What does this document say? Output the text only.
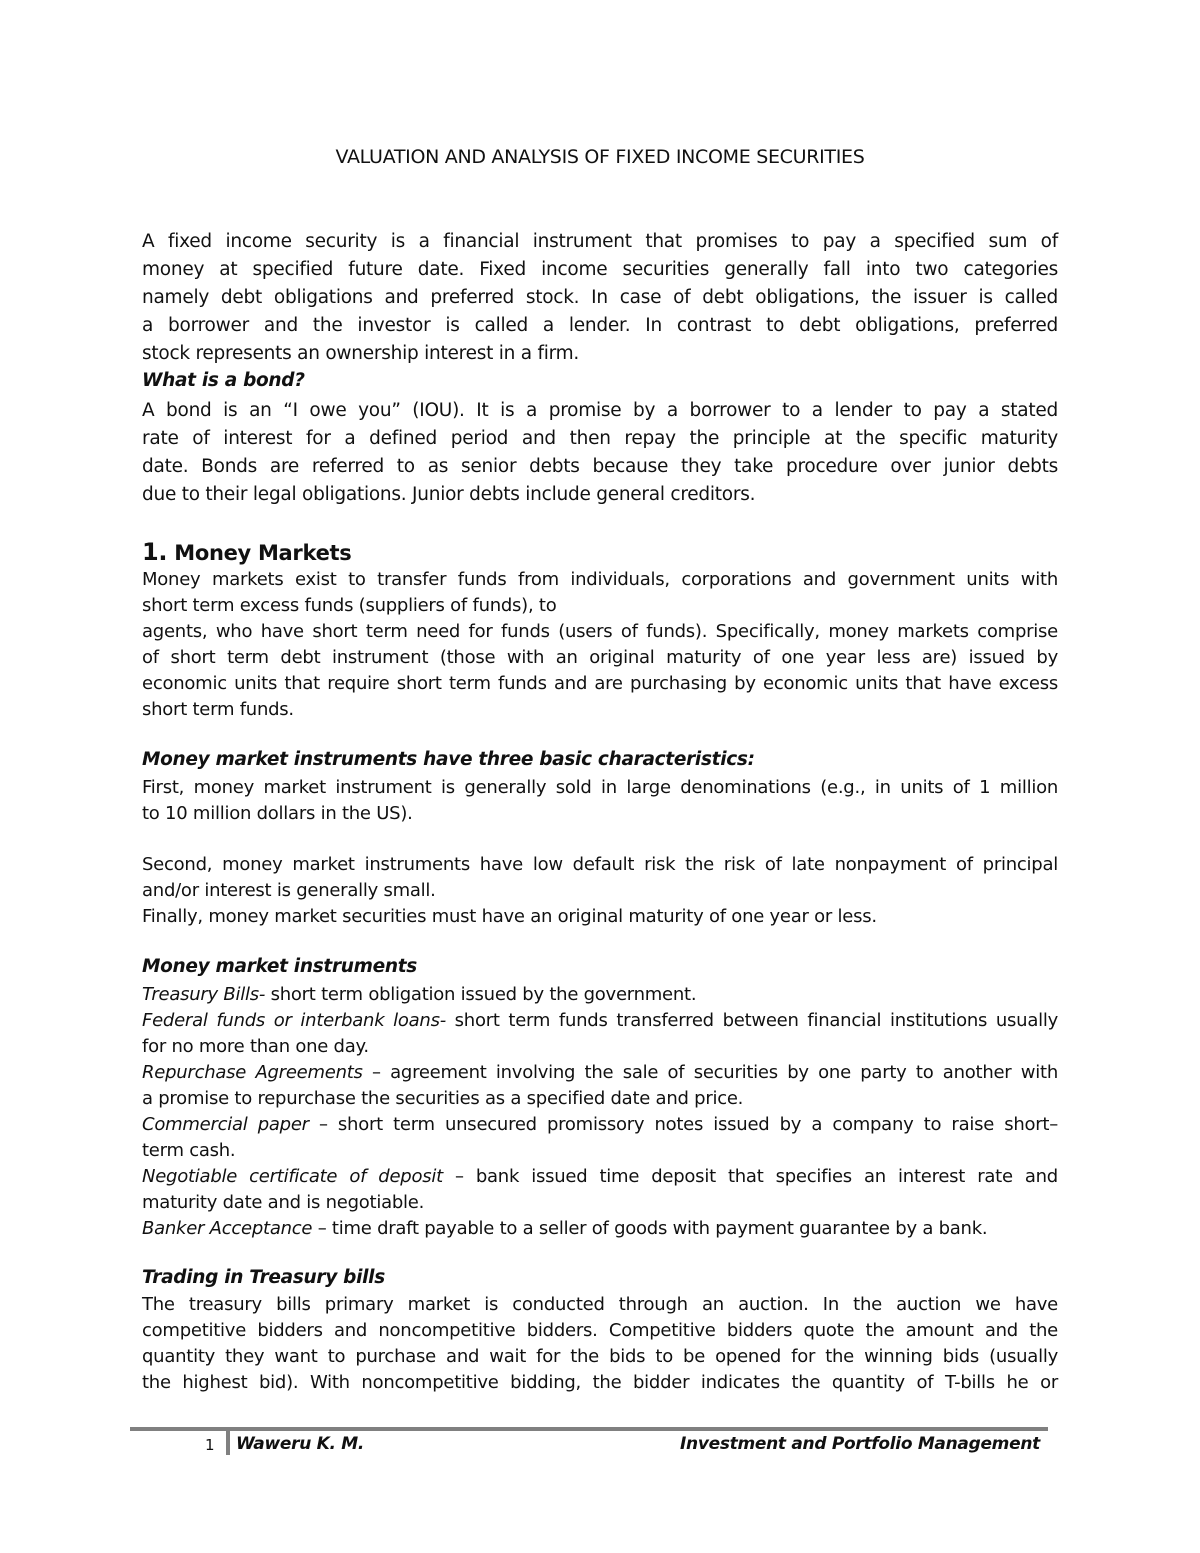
VALUATION AND ANALYSIS OF FIXED INCOME SECURITIES
A fixed income security is a financial instrument that promises to pay a specified sum of
money at specified future date. Fixed income securities generally fall into two categories
namely debt obligations and preferred stock. In case of debt obligations, the issuer is called
a borrower and the investor is called a lender. In contrast to debt obligations, preferred
stock represents an ownership interest in a firm.
What is a bond?
A bond is an “I owe you” (IOU). It is a promise by a borrower to a lender to pay a stated
rate of interest for a defined period and then repay the principle at the specific maturity
date. Bonds are referred to as senior debts because they take procedure over junior debts
due to their legal obligations. Junior debts include general creditors.
1. Money Markets
Money markets exist to transfer funds from individuals, corporations and government units with
short term excess funds (suppliers of funds), to
agents, who have short term need for funds (users of funds). Specifically, money markets comprise
of short term debt instrument (those with an original maturity of one year less are) issued by
economic units that require short term funds and are purchasing by economic units that have excess
short term funds.
Money market instruments have three basic characteristics:
First, money market instrument is generally sold in large denominations (e.g., in units of 1 million
to 10 million dollars in the US).
Second, money market instruments have low default risk the risk of late nonpayment of principal
and/or interest is generally small.
Finally, money market securities must have an original maturity of one year or less.
Money market instruments
Treasury Bills- short term obligation issued by the government.
Federal funds or interbank loans- short term funds transferred between financial institutions usually
for no more than one day.
Repurchase Agreements – agreement involving the sale of securities by one party to another with
a promise to repurchase the securities as a specified date and price.
Commercial paper – short term unsecured promissory notes issued by a company to raise short–
term cash.
Negotiable certificate of deposit – bank issued time deposit that specifies an interest rate and
maturity date and is negotiable.
Banker Acceptance – time draft payable to a seller of goods with payment guarantee by a bank.
Trading in Treasury bills
The treasury bills primary market is conducted through an auction. In the auction we have
competitive bidders and noncompetitive bidders. Competitive bidders quote the amount and the
quantity they want to purchase and wait for the bids to be opened for the winning bids (usually
the highest bid). With noncompetitive bidding, the bidder indicates the quantity of T-bills he or
1 Waweru K. M.	Investment and Portfolio Management
